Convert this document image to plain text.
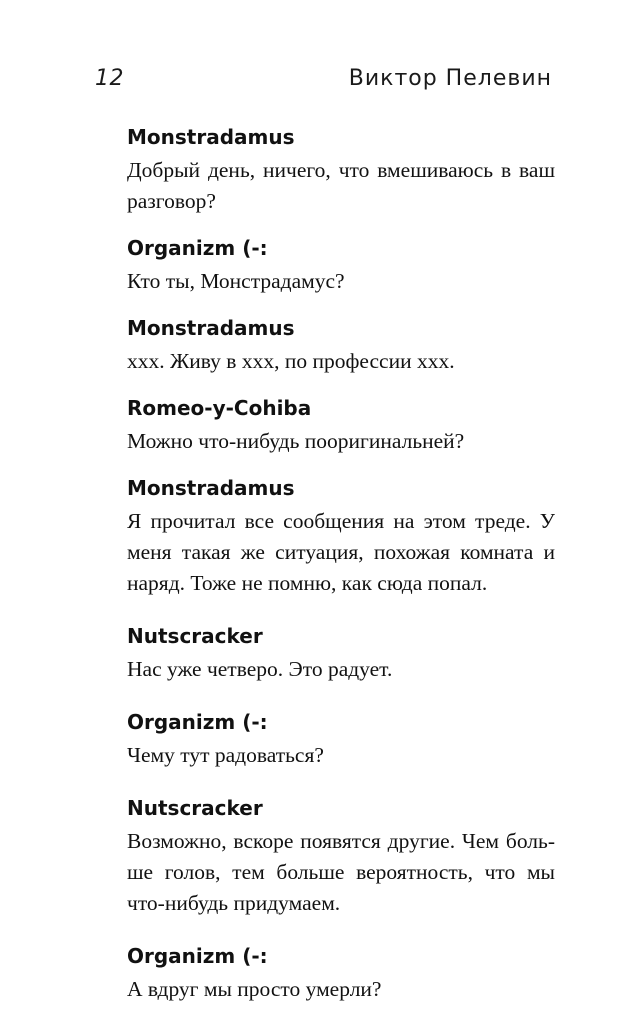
12	Виктор Пелевин

Monstradamus

Добрый день, ничего, что вмешиваюсь в ваш разговор?

Organizm (-:

Кто ты, Монстрадамус?

Monstradamus

ххх. Живу в ххх, по профессии ххх.

Romeo-y-Cohiba

Можно что-нибудь пооригинальней?

Monstradamus

Я прочитал все сообщения на этом треде. У меня такая же ситуация, похожая комната и наряд. Тоже не помню, как сюда попал.

Nutscracker

Нас уже четверо. Это радует.

Organizm (-:

Чему тут радоваться?

Nutscracker

Возможно, вскоре появятся другие. Чем больше голов, тем больше вероятность, что мы что-нибудь придумаем.

Organizm (-:

А вдруг мы просто умерли?
